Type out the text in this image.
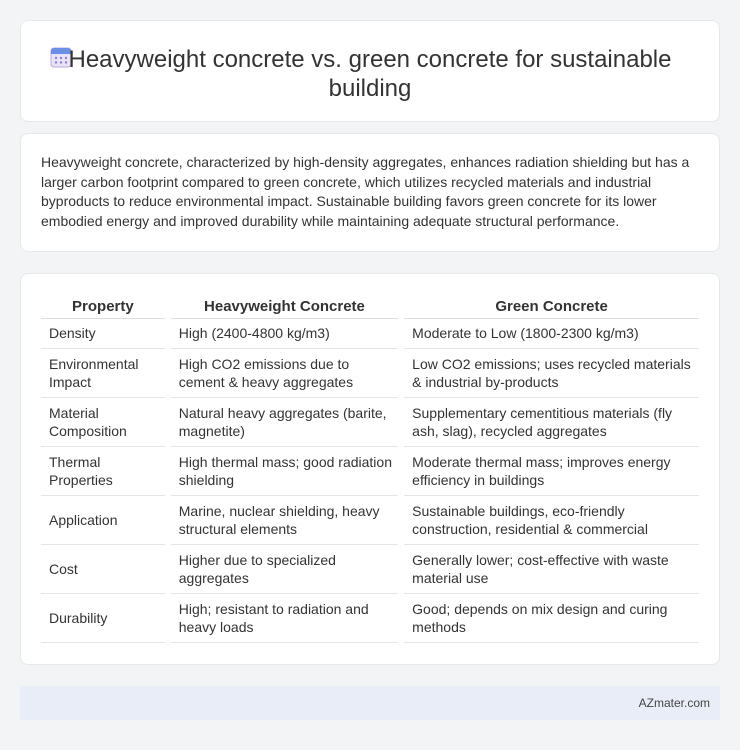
Heavyweight concrete vs. green concrete for sustainable building

Heavyweight concrete, characterized by high-density aggregates, enhances radiation shielding but has a larger carbon footprint compared to green concrete, which utilizes recycled materials and industrial byproducts to reduce environmental impact. Sustainable building favors green concrete for its lower embodied energy and improved durability while maintaining adequate structural performance.

Property	Heavyweight Concrete	Green Concrete
Density	High (2400-4800 kg/m3)	Moderate to Low (1800-2300 kg/m3)
Environmental Impact	High CO2 emissions due to cement & heavy aggregates	Low CO2 emissions; uses recycled materials & industrial by-products
Material Composition	Natural heavy aggregates (barite, magnetite)	Supplementary cementitious materials (fly ash, slag), recycled aggregates
Thermal Properties	High thermal mass; good radiation shielding	Moderate thermal mass; improves energy efficiency in buildings
Application	Marine, nuclear shielding, heavy structural elements	Sustainable buildings, eco-friendly construction, residential & commercial
Cost	Higher due to specialized aggregates	Generally lower; cost-effective with waste material use
Durability	High; resistant to radiation and heavy loads	Good; depends on mix design and curing methods
AZmater.com
